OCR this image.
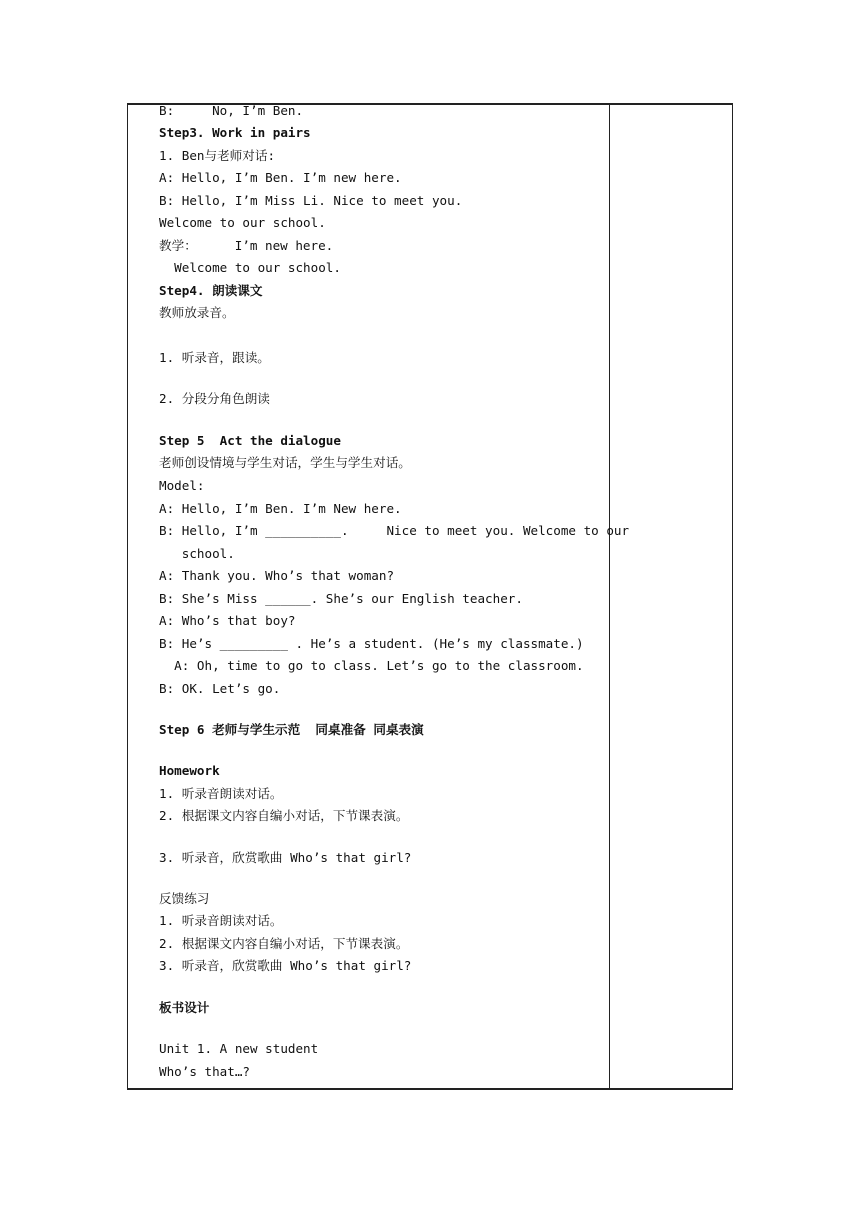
B:     No, I’m Ben.
Step3. Work in pairs
1. Ben与老师对话:
A: Hello, I’m Ben. I’m new here.
B: Hello, I’m Miss Li. Nice to meet you.
Welcome to our school.
教学：     I’m new here.
Welcome to our school.
Step4. 朗读课文
教师放录音。
1. 听录音，跟读。
2. 分段分角色朗读
Step 5  Act the dialogue
老师创设情境与学生对话，学生与学生对话。
Model:
A: Hello, I’m Ben. I’m New here.
B: Hello, I’m __________.     Nice to meet you. Welcome to our
school.
A: Thank you. Who’s that woman?
B: She’s Miss ______. She’s our English teacher.
A: Who’s that boy?
B: He’s _________ . He’s a student. (He’s my classmate.)
A: Oh, time to go to class. Let’s go to the classroom.
B: OK. Let’s go.
Step 6 老师与学生示范  同桌准备 同桌表演
Homework
1. 听录音朗读对话。
2. 根据课文内容自编小对话，下节课表演。
3. 听录音，欣赏歌曲 Who’s that girl?
反馈练习
1. 听录音朗读对话。
2. 根据课文内容自编小对话，下节课表演。
3. 听录音，欣赏歌曲 Who’s that girl?
板书设计
Unit 1. A new student
Who’s that…?
